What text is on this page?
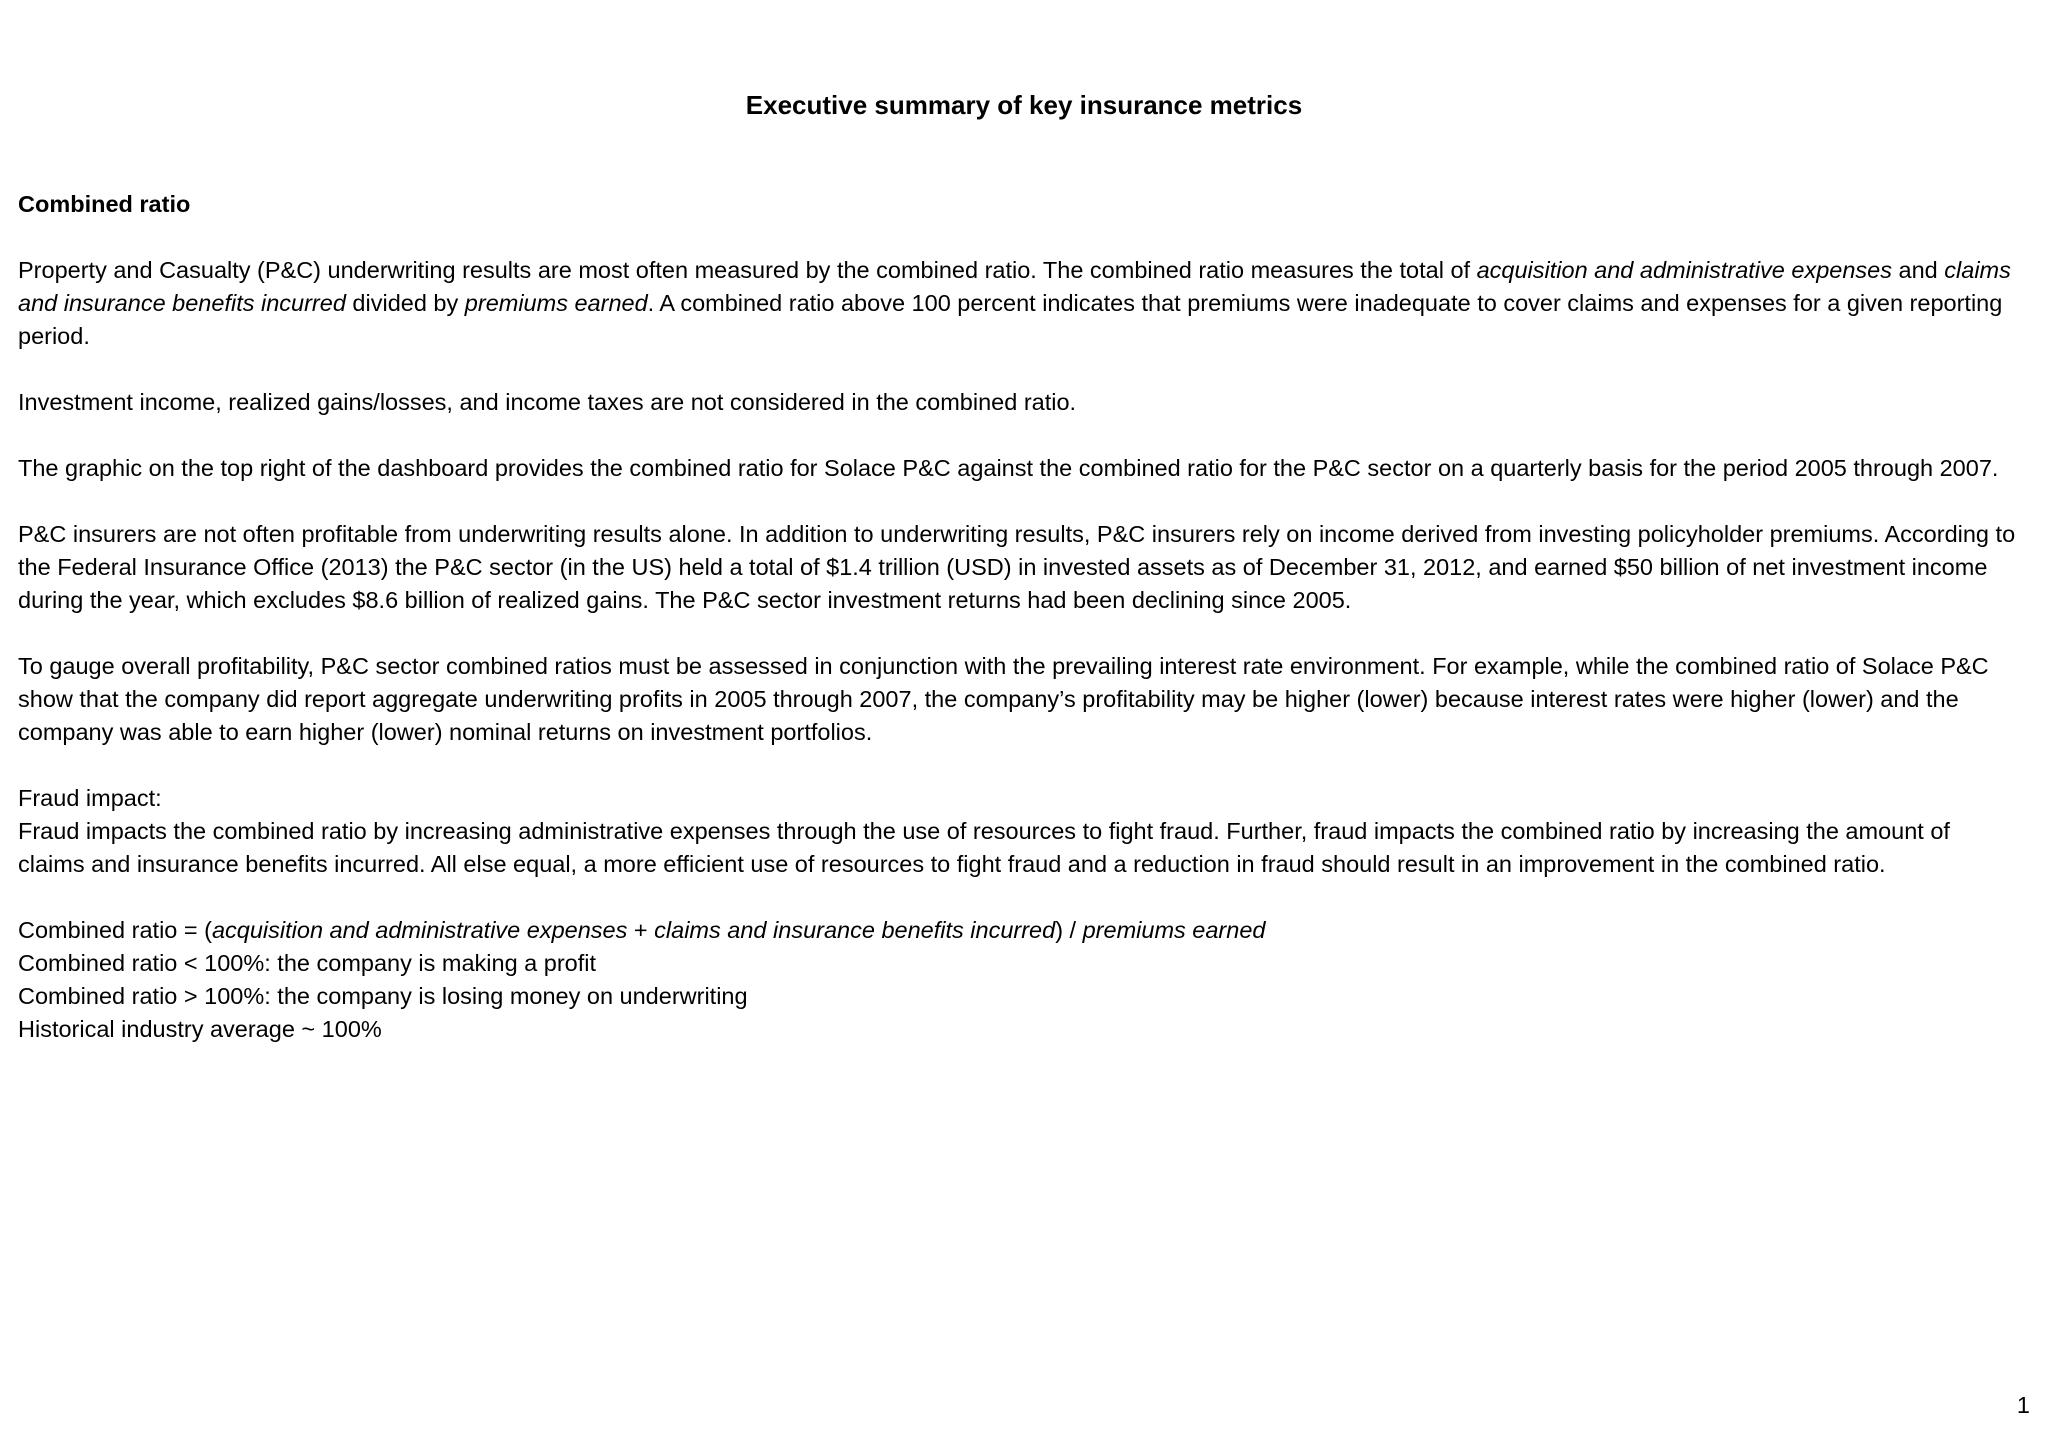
Executive summary of key insurance metrics

Combined ratio

Property and Casualty (P&C) underwriting results are most often measured by the combined ratio. The combined ratio measures the total of acquisition and administrative expenses and claims and insurance benefits incurred divided by premiums earned. A combined ratio above 100 percent indicates that premiums were inadequate to cover claims and expenses for a given reporting period.

Investment income, realized gains/losses, and income taxes are not considered in the combined ratio.

The graphic on the top right of the dashboard provides the combined ratio for Solace P&C against the combined ratio for the P&C sector on a quarterly basis for the period 2005 through 2007.

P&C insurers are not often profitable from underwriting results alone. In addition to underwriting results, P&C insurers rely on income derived from investing policyholder premiums. According to the Federal Insurance Office (2013) the P&C sector (in the US) held a total of $1.4 trillion (USD) in invested assets as of December 31, 2012, and earned $50 billion of net investment income during the year, which excludes $8.6 billion of realized gains. The P&C sector investment returns had been declining since 2005.

To gauge overall profitability, P&C sector combined ratios must be assessed in conjunction with the prevailing interest rate environment. For example, while the combined ratio of Solace P&C show that the company did report aggregate underwriting profits in 2005 through 2007, the company’s profitability may be higher (lower) because interest rates were higher (lower) and the company was able to earn higher (lower) nominal returns on investment portfolios.

Fraud impact:

Fraud impacts the combined ratio by increasing administrative expenses through the use of resources to fight fraud. Further, fraud impacts the combined ratio by increasing the amount of claims and insurance benefits incurred. All else equal, a more efficient use of resources to fight fraud and a reduction in fraud should result in an improvement in the combined ratio.

Combined ratio = (acquisition and administrative expenses + claims and insurance benefits incurred) / premiums earned

Combined ratio < 100%: the company is making a profit

Combined ratio > 100%: the company is losing money on underwriting

Historical industry average ~ 100%

1
